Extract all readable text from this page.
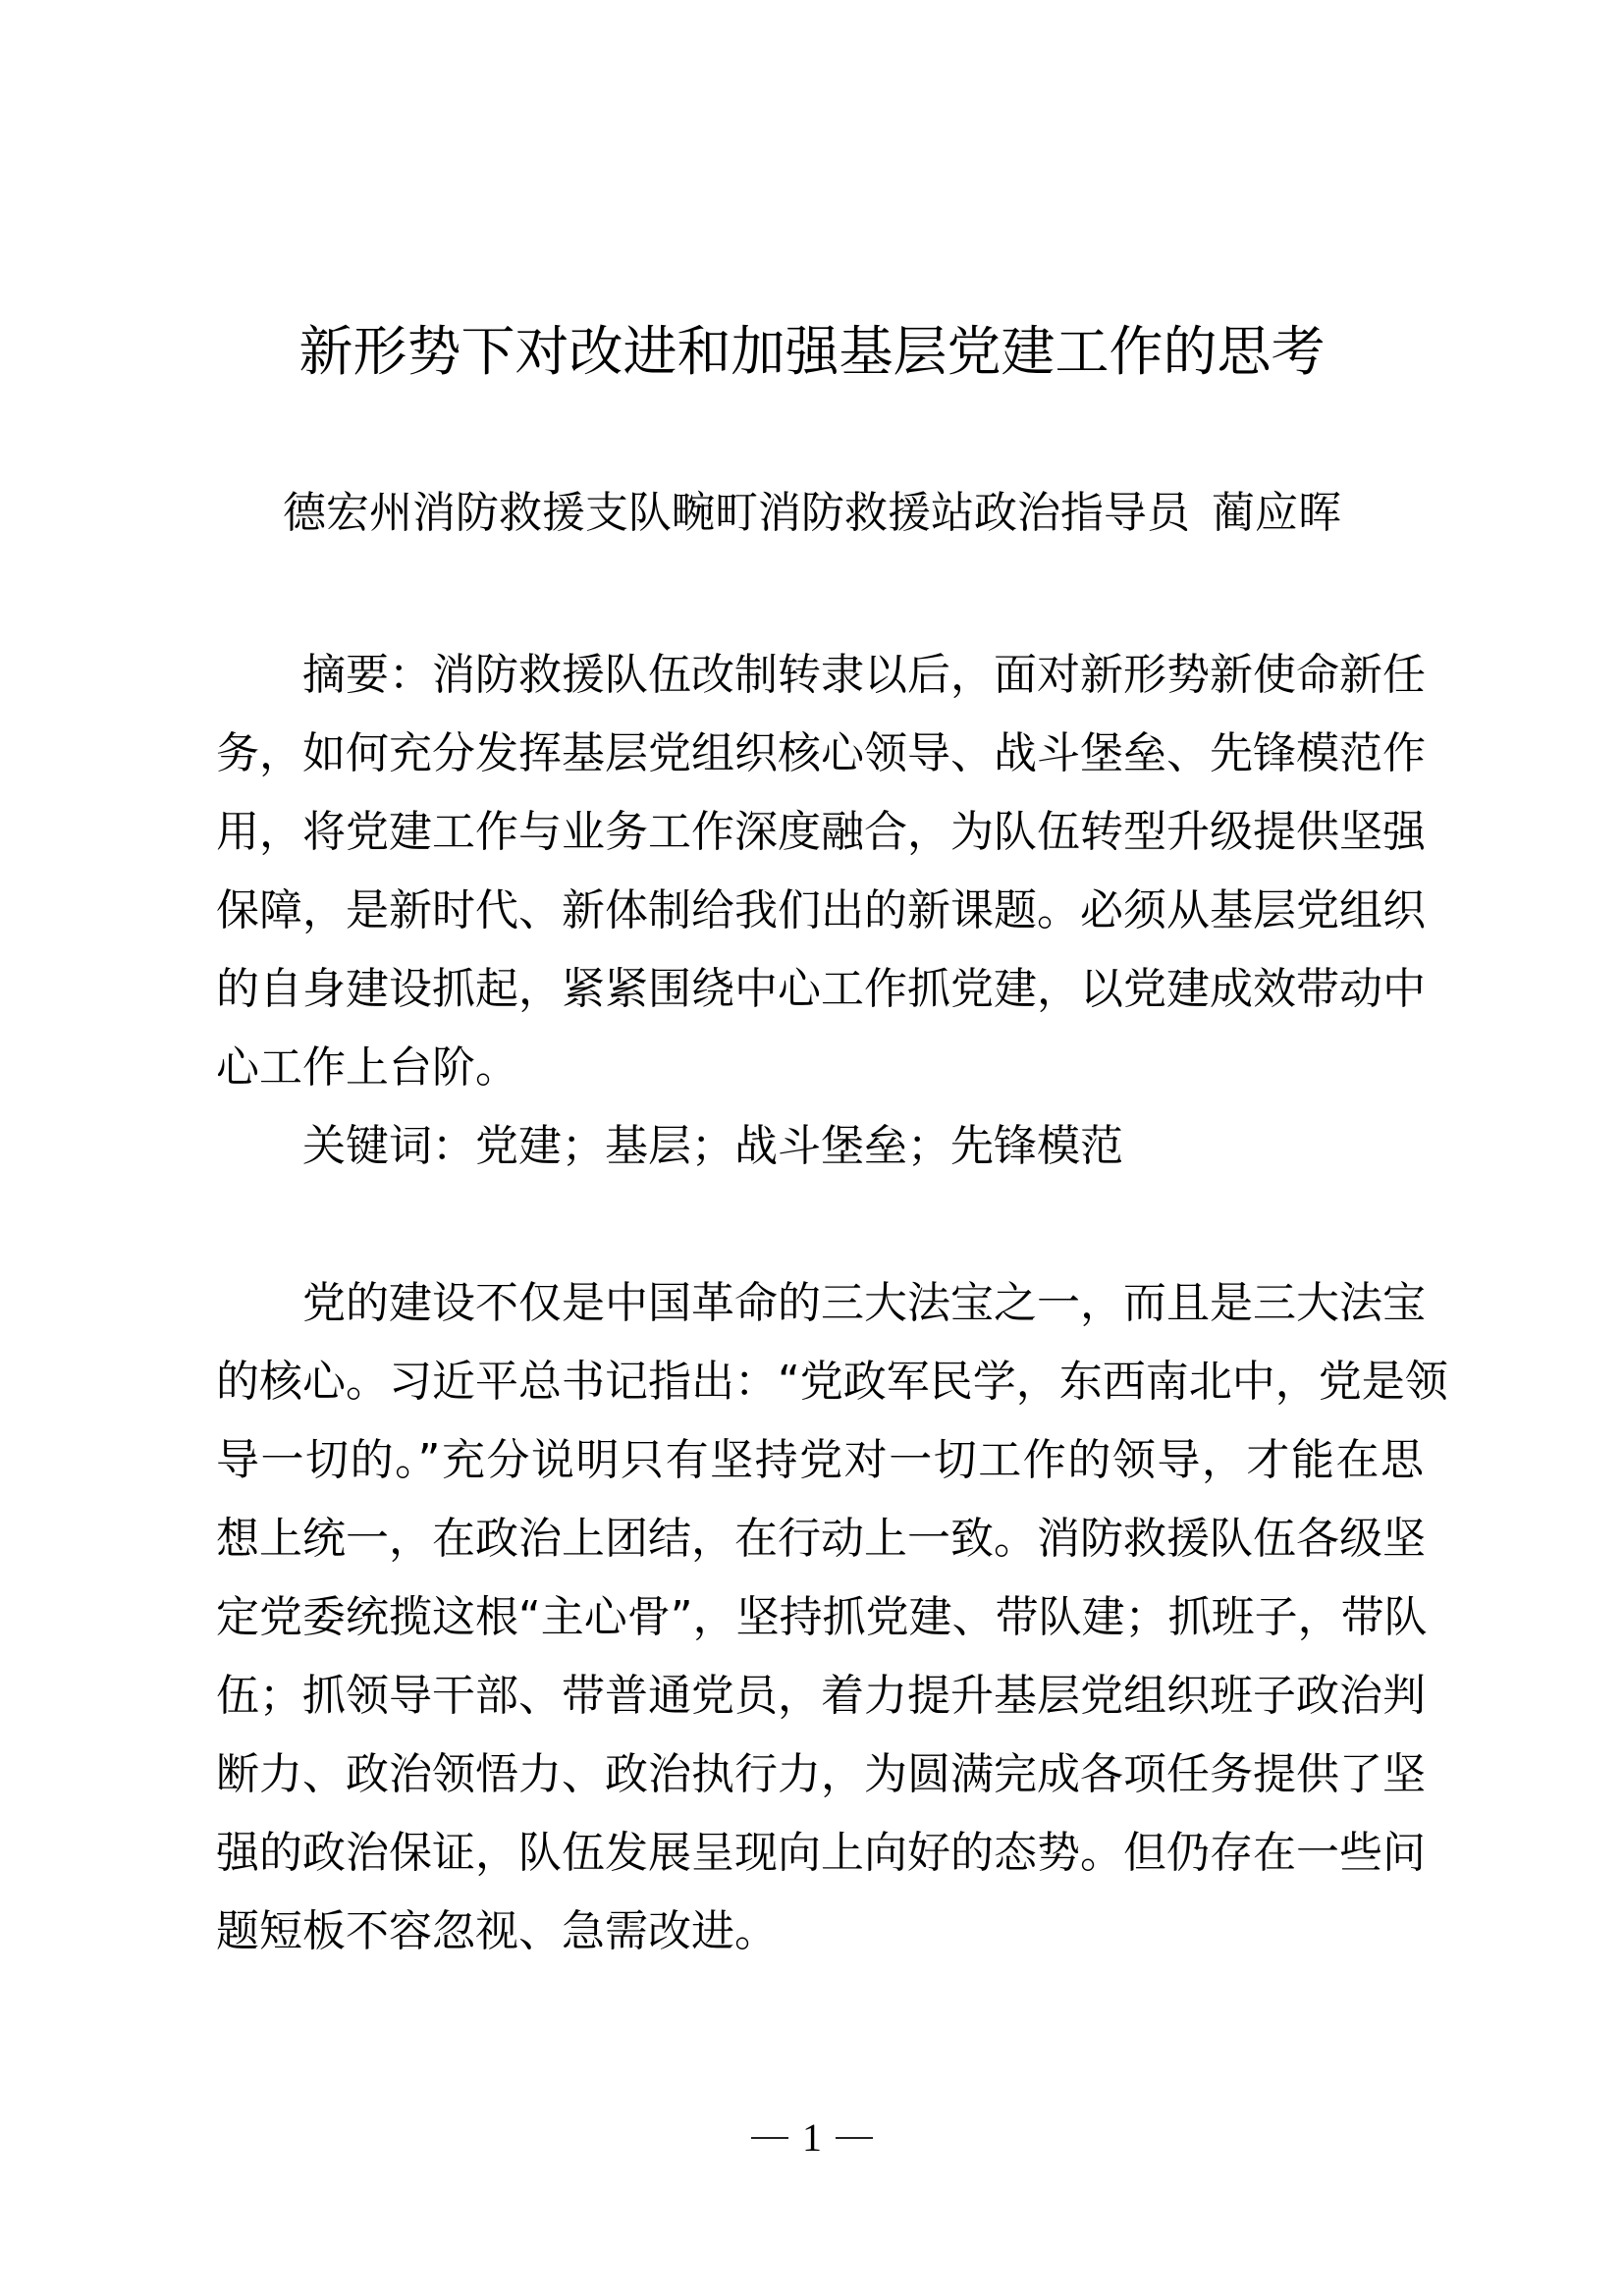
新形势下对改进和加强基层党建工作的思考
德宏州消防救援支队畹町消防救援站政治指导员 蔺应晖
摘要：消防救援队伍改制转隶以后，面对新形势新使命新任
务，如何充分发挥基层党组织核心领导、战斗堡垒、先锋模范作
用，将党建工作与业务工作深度融合，为队伍转型升级提供坚强
保障，是新时代、新体制给我们出的新课题。必须从基层党组织
的自身建设抓起，紧紧围绕中心工作抓党建，以党建成效带动中
心工作上台阶。
关键词：党建；基层；战斗堡垒；先锋模范
党的建设不仅是中国革命的三大法宝之一，而且是三大法宝
的核心。习近平总书记指出：“党政军民学，东西南北中，党是领
导一切的。”充分说明只有坚持党对一切工作的领导，才能在思
想上统一，在政治上团结，在行动上一致。消防救援队伍各级坚
定党委统揽这根“主心骨”，坚持抓党建、带队建；抓班子，带队
伍；抓领导干部、带普通党员，着力提升基层党组织班子政治判
断力、政治领悟力、政治执行力，为圆满完成各项任务提供了坚
强的政治保证，队伍发展呈现向上向好的态势。但仍存在一些问
题短板不容忽视、急需改进。
1
